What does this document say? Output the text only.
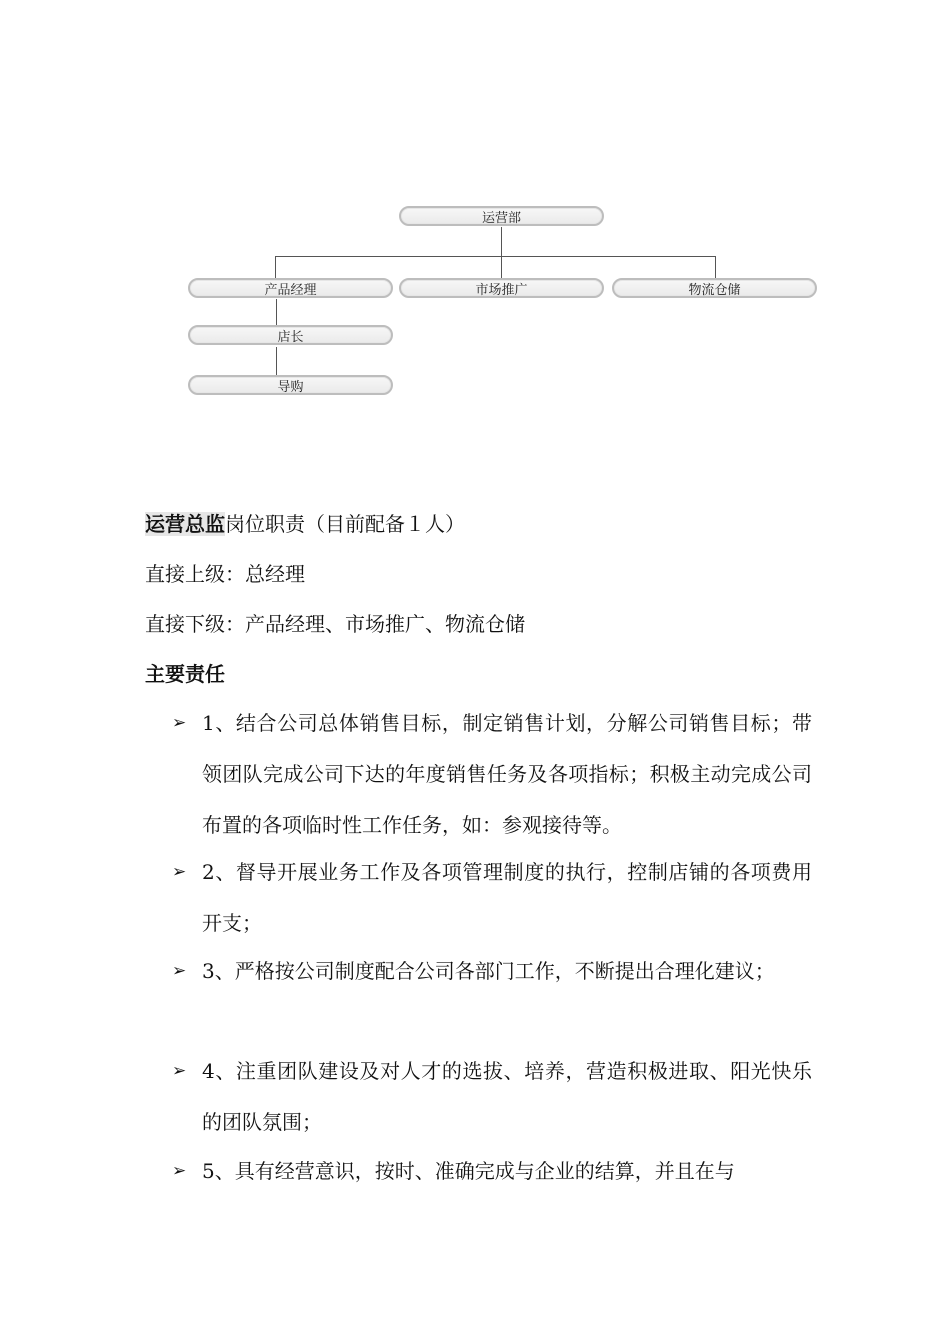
运营部
产品经理	市场推广	物流仓储
店长
导购
运营总监岗位职责（目前配备１人）
直接上级：总经理
直接下级：产品经理、市场推广、物流仓储
主要责任
➢ 1、结合公司总体销售目标，制定销售计划，分解公司销售目标；带领团队完成公司下达的年度销售任务及各项指标；积极主动完成公司布置的各项临时性工作任务，如：参观接待等。
➢ 2、督导开展业务工作及各项管理制度的执行，控制店铺的各项费用开支；
➢ 3、严格按公司制度配合公司各部门工作，不断提出合理化建议；
➢ 4、注重团队建设及对人才的选拔、培养，营造积极进取、阳光快乐的团队氛围；
➢ 5、具有经营意识，按时、准确完成与企业的结算，并且在与
